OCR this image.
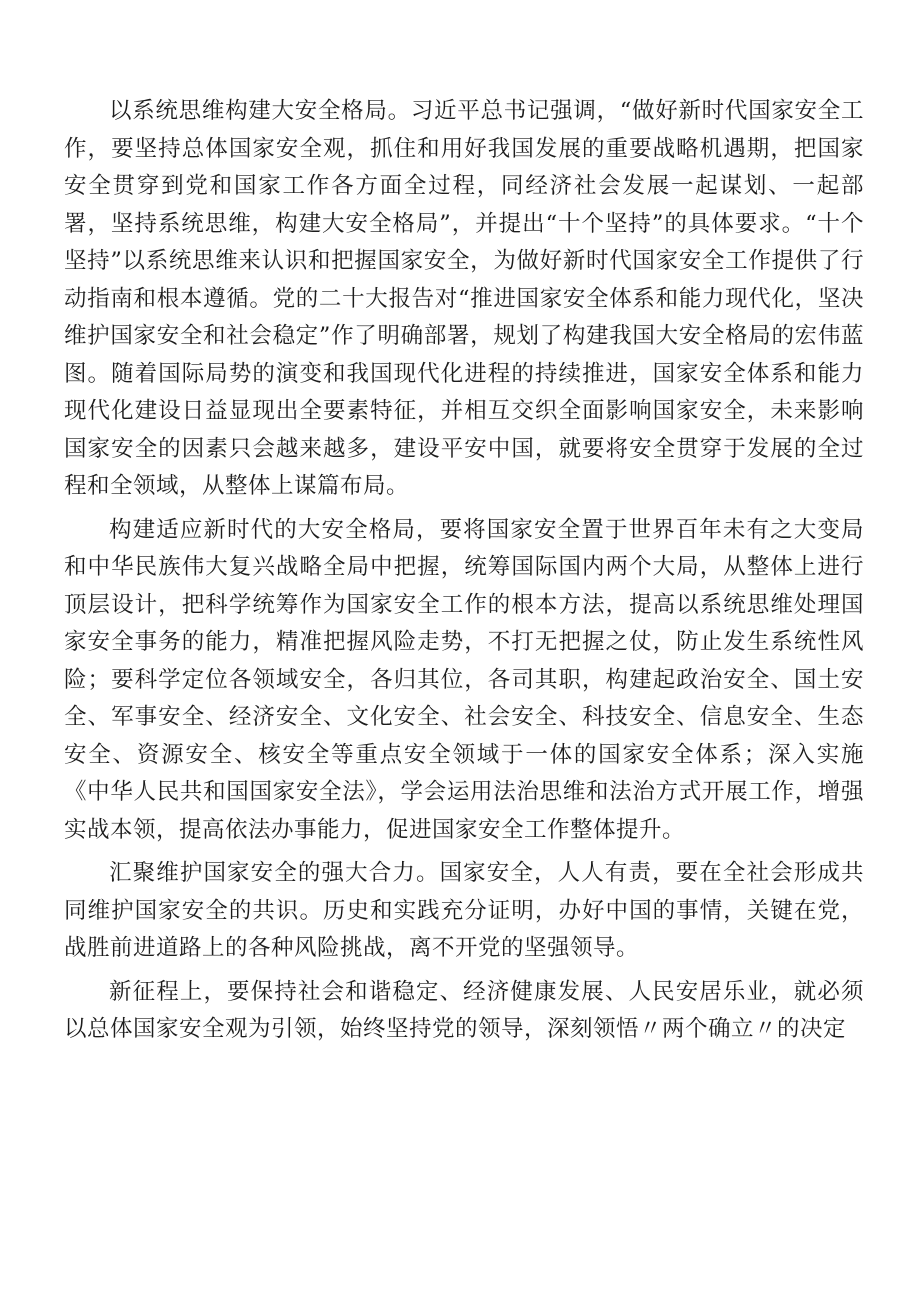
以系统思维构建大安全格局。习近平总书记强调，“做好新时代国家安全工作，要坚持总体国家安全观，抓住和用好我国发展的重要战略机遇期，把国家安全贯穿到党和国家工作各方面全过程，同经济社会发展一起谋划、一起部署，坚持系统思维，构建大安全格局”，并提出“十个坚持”的具体要求。“十个坚持”以系统思维来认识和把握国家安全，为做好新时代国家安全工作提供了行动指南和根本遵循。党的二十大报告对“推进国家安全体系和能力现代化，坚决维护国家安全和社会稳定”作了明确部署，规划了构建我国大安全格局的宏伟蓝图。随着国际局势的演变和我国现代化进程的持续推进，国家安全体系和能力现代化建设日益显现出全要素特征，并相互交织全面影响国家安全，未来影响国家安全的因素只会越来越多，建设平安中国，就要将安全贯穿于发展的全过程和全领域，从整体上谋篇布局。

构建适应新时代的大安全格局，要将国家安全置于世界百年未有之大变局和中华民族伟大复兴战略全局中把握，统筹国际国内两个大局，从整体上进行顶层设计，把科学统筹作为国家安全工作的根本方法，提高以系统思维处理国家安全事务的能力，精准把握风险走势，不打无把握之仗，防止发生系统性风险；要科学定位各领域安全，各归其位，各司其职，构建起政治安全、国土安全、军事安全、经济安全、文化安全、社会安全、科技安全、信息安全、生态安全、资源安全、核安全等重点安全领域于一体的国家安全体系；深入实施《中华人民共和国国家安全法》，学会运用法治思维和法治方式开展工作，增强实战本领，提高依法办事能力，促进国家安全工作整体提升。

汇聚维护国家安全的强大合力。国家安全，人人有责，要在全社会形成共同维护国家安全的共识。历史和实践充分证明，办好中国的事情，关键在党，战胜前进道路上的各种风险挑战，离不开党的坚强领导。

新征程上，要保持社会和谐稳定、经济健康发展、人民安居乐业，就必须以总体国家安全观为引领，始终坚持党的领导，深刻领悟〃两个确立〃的决定
